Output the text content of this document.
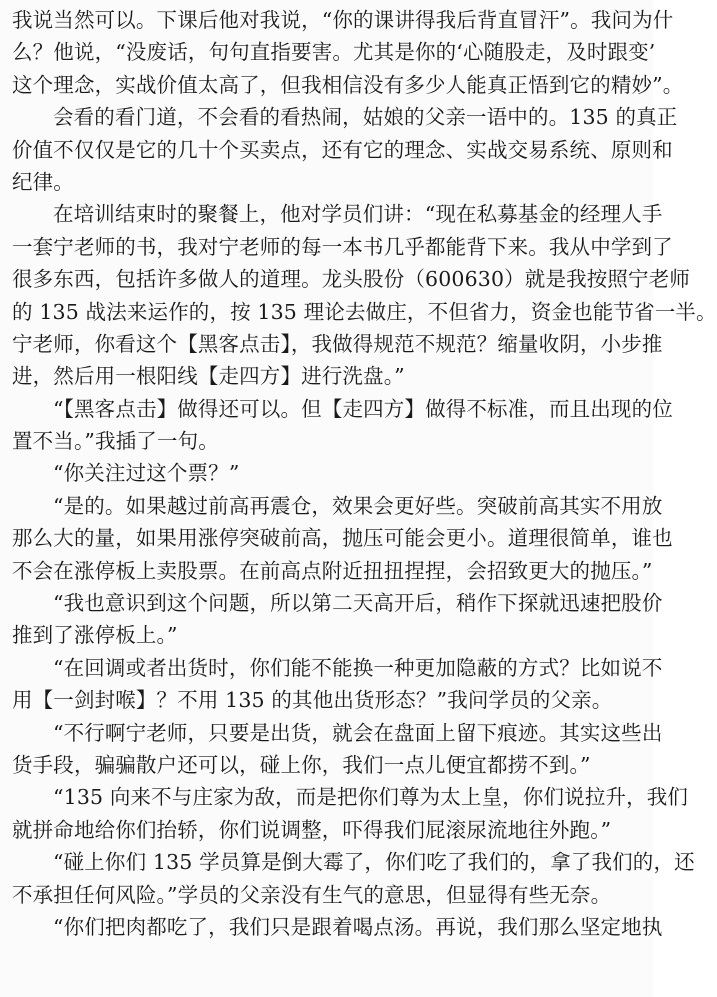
我说当然可以。下课后他对我说，“你的课讲得我后背直冒汗”。我问为什
么？他说，“没废话，句句直指要害。尤其是你的‘心随股走，及时跟变’
这个理念，实战价值太高了，但我相信没有多少人能真正悟到它的精妙”。
会看的看门道，不会看的看热闹，姑娘的父亲一语中的。135 的真正
价值不仅仅是它的几十个买卖点，还有它的理念、实战交易系统、原则和
纪律。
在培训结束时的聚餐上，他对学员们讲：“现在私募基金的经理人手
一套宁老师的书，我对宁老师的每一本书几乎都能背下来。我从中学到了
很多东西，包括许多做人的道理。龙头股份（600630）就是我按照宁老师
的 135 战法来运作的，按 135 理论去做庄，不但省力，资金也能节省一半。
宁老师，你看这个【黑客点击】，我做得规范不规范？缩量收阴，小步推
进，然后用一根阳线【走四方】进行洗盘。”
“【黑客点击】做得还可以。但【走四方】做得不标准，而且出现的位
置不当。”我插了一句。
“你关注过这个票？”
“是的。如果越过前高再震仓，效果会更好些。突破前高其实不用放
那么大的量，如果用涨停突破前高，抛压可能会更小。道理很简单，谁也
不会在涨停板上卖股票。在前高点附近扭扭捏捏，会招致更大的抛压。”
“我也意识到这个问题，所以第二天高开后，稍作下探就迅速把股价
推到了涨停板上。”
“在回调或者出货时，你们能不能换一种更加隐蔽的方式？比如说不
用【一剑封喉】？不用 135 的其他出货形态？”我问学员的父亲。
“不行啊宁老师，只要是出货，就会在盘面上留下痕迹。其实这些出
货手段，骗骗散户还可以，碰上你，我们一点儿便宜都捞不到。”
“135 向来不与庄家为敌，而是把你们尊为太上皇，你们说拉升，我们
就拼命地给你们抬轿，你们说调整，吓得我们屁滚尿流地往外跑。”
“碰上你们 135 学员算是倒大霉了，你们吃了我们的，拿了我们的，还
不承担任何风险。”学员的父亲没有生气的意思，但显得有些无奈。
“你们把肉都吃了，我们只是跟着喝点汤。再说，我们那么坚定地执
